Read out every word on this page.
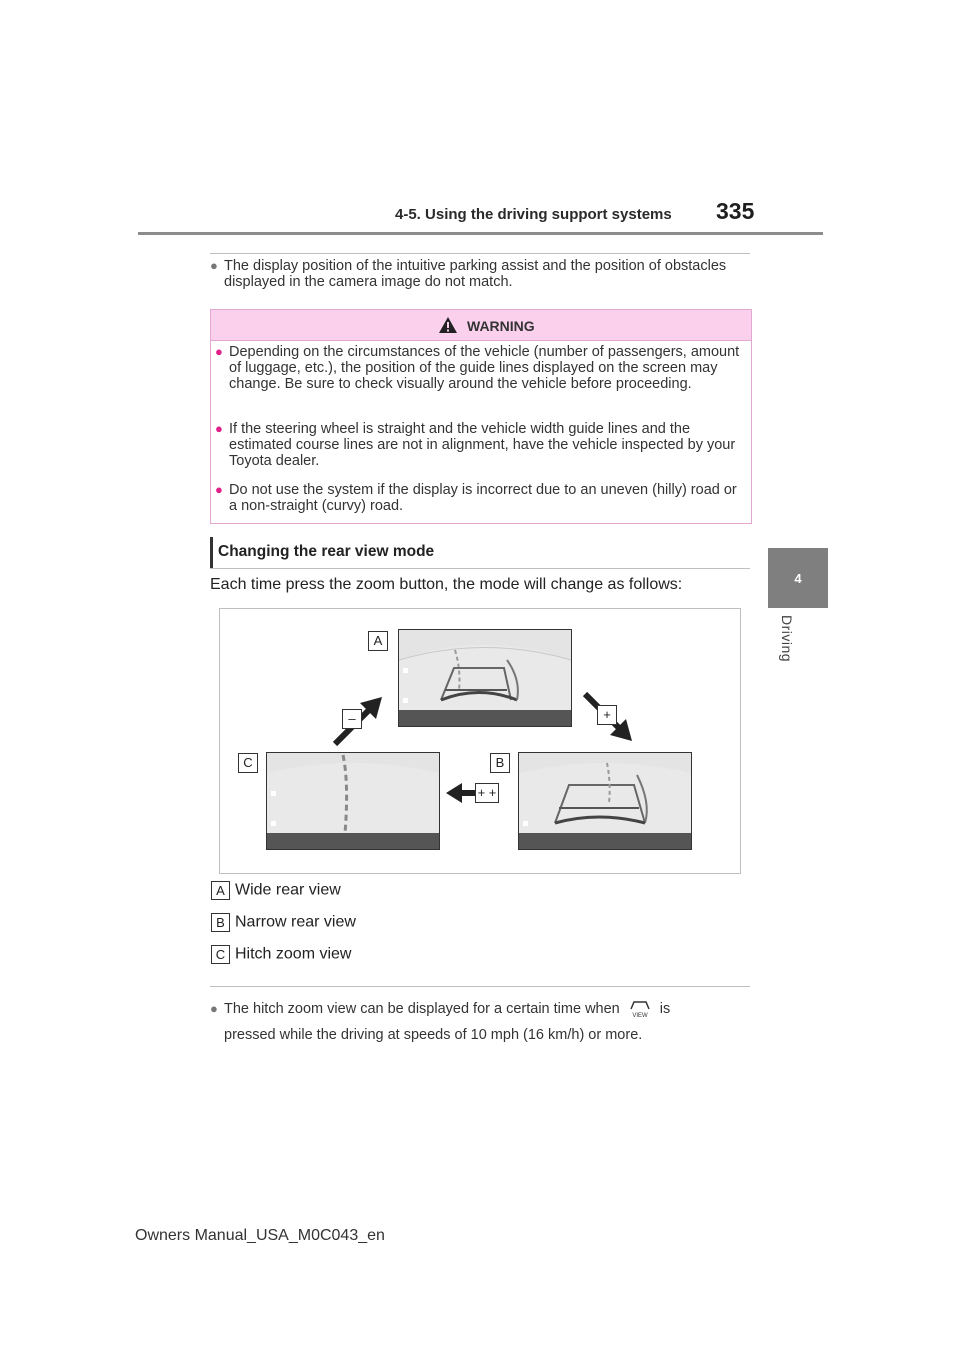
4-5. Using the driving support systems 335
4
Driving
● The display position of the intuitive parking assist and the position of obstacles displayed in the camera image do not match.
WARNING
● Depending on the circumstances of the vehicle (number of passengers, amount of luggage, etc.), the position of the guide lines displayed on the screen may change. Be sure to check visually around the vehicle before proceeding.
● If the steering wheel is straight and the vehicle width guide lines and the estimated course lines are not in alignment, have the vehicle inspected by your Toyota dealer.
● Do not use the system if the display is incorrect due to an uneven (hilly) road or a non-straight (curvy) road.
Changing the rear view mode
Each time press the zoom button, the mode will change as follows:
A
–	+
C
+ +
B
A Wide rear view
B Narrow rear view
C Hitch zoom view
● The hitch zoom view can be displayed for a certain time when VIEW is
pressed while the driving at speeds of 10 mph (16 km/h) or more.
Owners Manual_USA_M0C043_en
